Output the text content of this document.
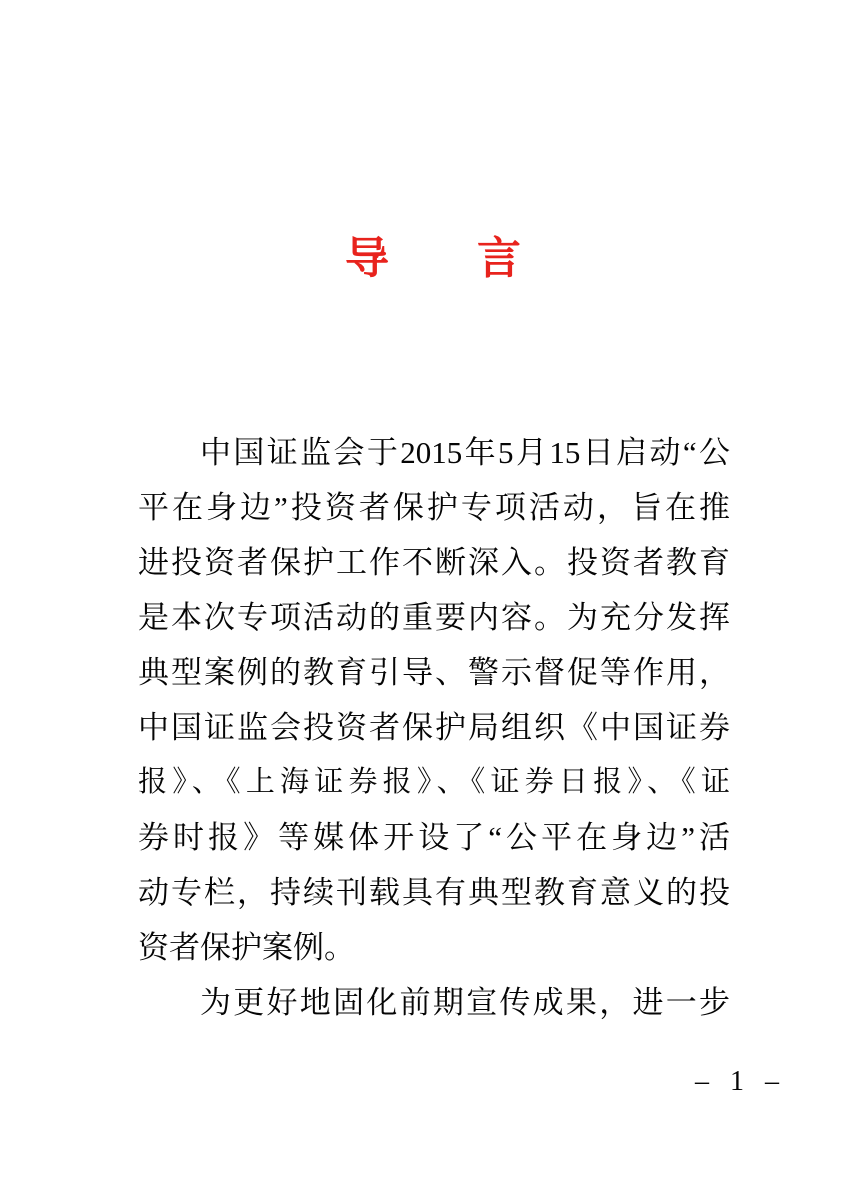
导 言
中国证监会于2015年5月15日启动“公
平在身边”投资者保护专项活动，旨在推
进投资者保护工作不断深入。投资者教育
是本次专项活动的重要内容。为充分发挥
典型案例的教育引导、警示督促等作用，
中国证监会投资者保护局组织《中国证券
报》、《上海证券报》、《证券日报》、《证
券时报》等媒体开设了“公平在身边”活
动专栏，持续刊载具有典型教育意义的投
资者保护案例。
为更好地固化前期宣传成果，进一步
– 1 –
